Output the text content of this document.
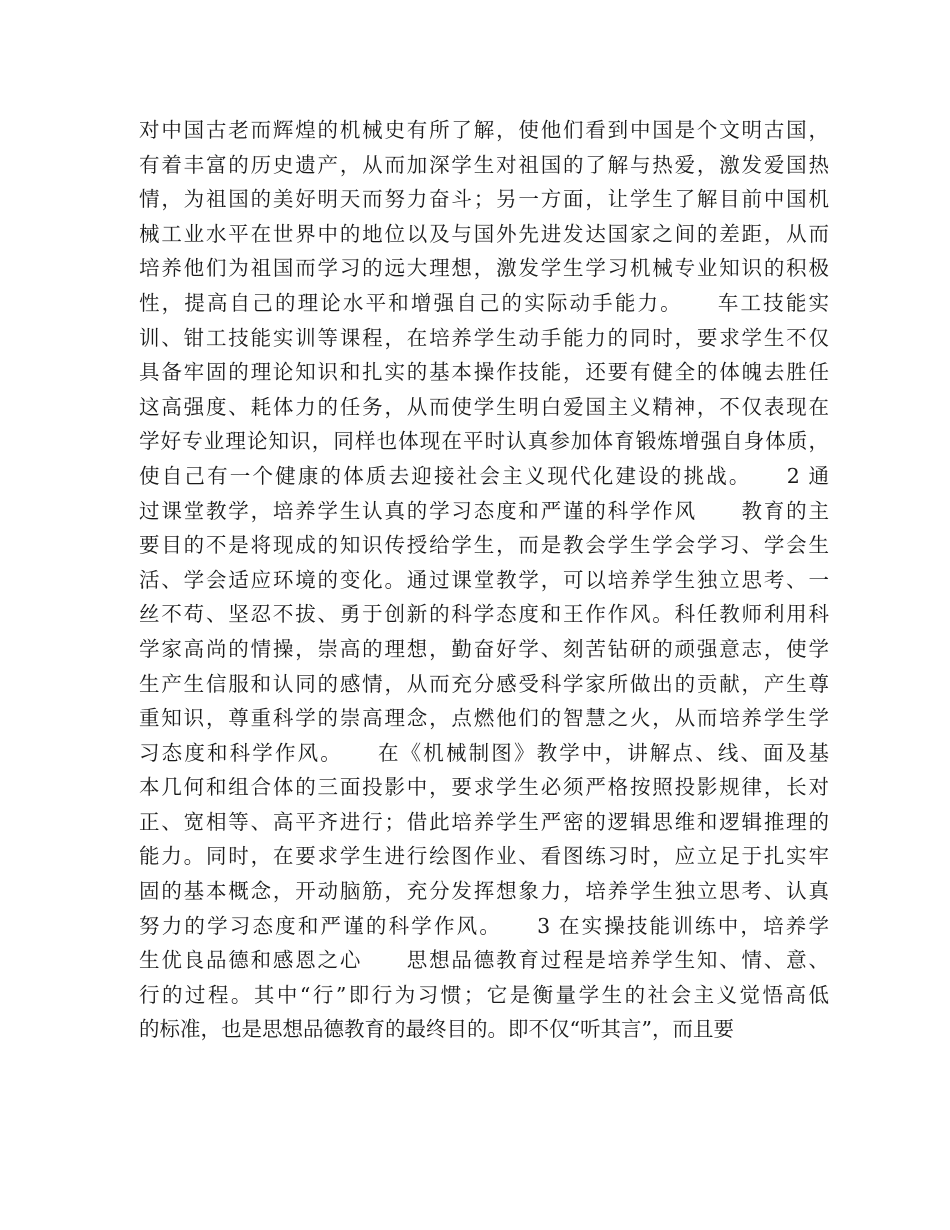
对中国古老而辉煌的机械史有所了解，使他们看到中国是个文明古国，
有着丰富的历史遗产，从而加深学生对祖国的了解与热爱，激发爱国热
情，为祖国的美好明天而努力奋斗；另一方面，让学生了解目前中国机
械工业水平在世界中的地位以及与国外先进发达国家之间的差距，从而
培养他们为祖国而学习的远大理想，激发学生学习机械专业知识的积极
性，提高自己的理论水平和增强自己的实际动手能力。　　车工技能实
训、钳工技能实训等课程，在培养学生动手能力的同时，要求学生不仅
具备牢固的理论知识和扎实的基本操作技能，还要有健全的体魄去胜任
这高强度、耗体力的任务，从而使学生明白爱国主义精神，不仅表现在
学好专业理论知识，同样也体现在平时认真参加体育锻炼增强自身体质，
使自己有一个健康的体质去迎接社会主义现代化建设的挑战。　　2 通
过课堂教学，培养学生认真的学习态度和严谨的科学作风　　教育的主
要目的不是将现成的知识传授给学生，而是教会学生学会学习、学会生
活、学会适应环境的变化。通过课堂教学，可以培养学生独立思考、一
丝不苟、坚忍不拔、勇于创新的科学态度和王作作风。科任教师利用科
学家高尚的情操，崇高的理想，勤奋好学、刻苦钻研的顽强意志，使学
生产生信服和认同的感情，从而充分感受科学家所做出的贡献，产生尊
重知识，尊重科学的崇高理念，点燃他们的智慧之火，从而培养学生学
习态度和科学作风。　　在《机械制图》教学中，讲解点、线、面及基
本几何和组合体的三面投影中，要求学生必须严格按照投影规律，长对
正、宽相等、高平齐进行；借此培养学生严密的逻辑思维和逻辑推理的
能力。同时，在要求学生进行绘图作业、看图练习时，应立足于扎实牢
固的基本概念，开动脑筋，充分发挥想象力，培养学生独立思考、认真
努力的学习态度和严谨的科学作风。　　3 在实操技能训练中，培养学
生优良品德和感恩之心　　思想品德教育过程是培养学生知、情、意、
行的过程。其中“行”即行为习惯；它是衡量学生的社会主义觉悟高低
的标准，也是思想品德教育的最终目的。即不仅“听其言”，而且要
